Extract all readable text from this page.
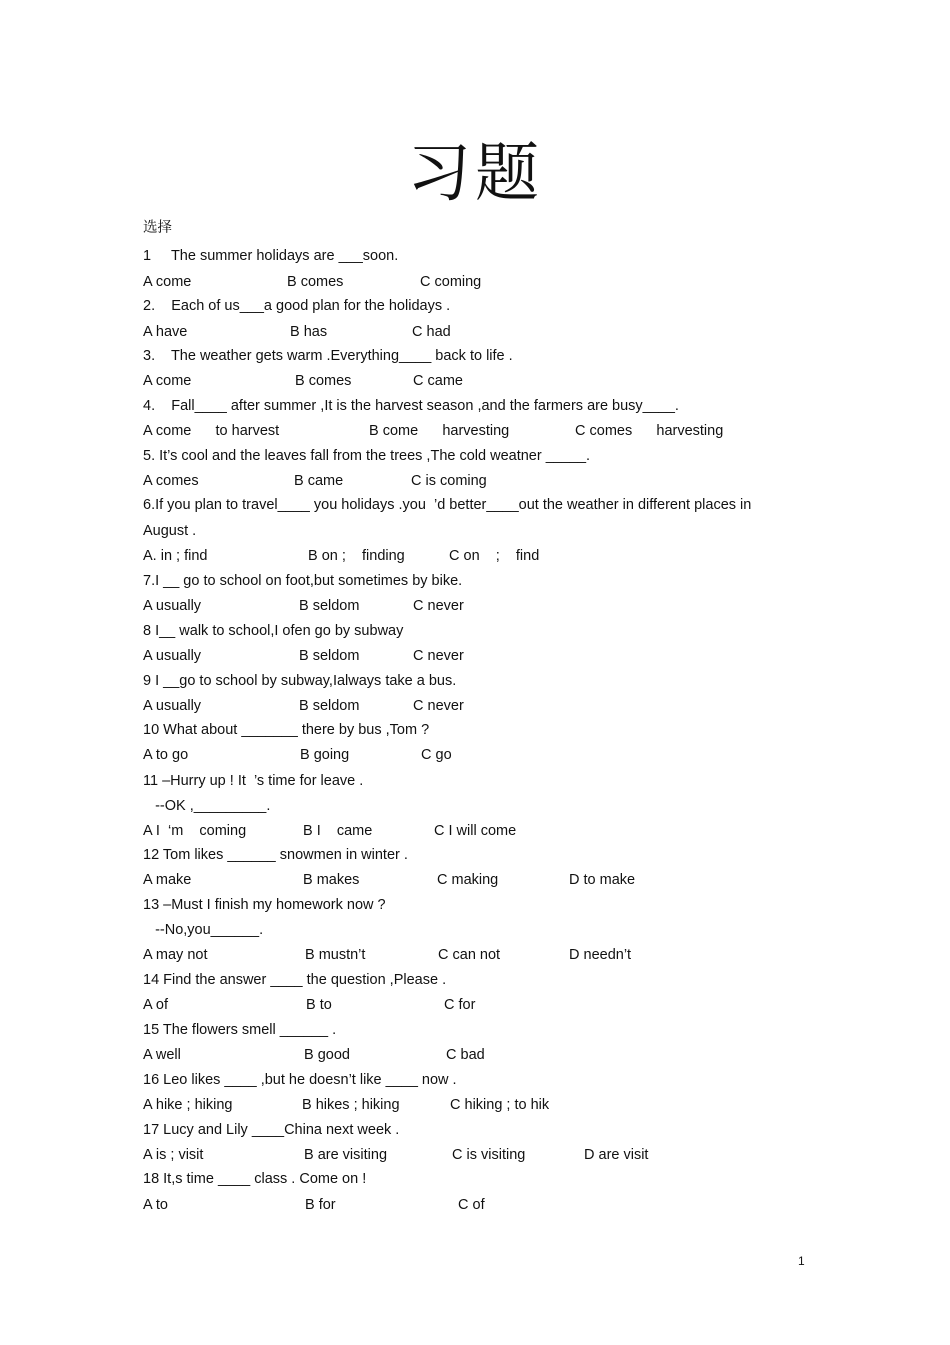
习题
选择
1     The summer holidays are ___soon.
A come	B comes	C coming
2.    Each of us___a good plan for the holidays .
A have	B has	C had
3.    The weather gets warm .Everything____ back to life .
A come	B comes	C came
4.    Fall____ after summer ,It is the harvest season ,and the farmers are busy____.
A come      to harvest	B come      harvesting	C comes      harvesting
5. It’s cool and the leaves fall from the trees ,The cold weatner _____.
A comes	B came	C is coming
6.If you plan to travel____ you holidays .you  ’d better____out the weather in different places in
August .
A. in ; find	B on ;    finding	C on    ;    find
7.I __ go to school on foot,but sometimes by bike.
A usually	B seldom	C never
8 I__ walk to school,I ofen go by subway
A usually	B seldom	C never
9 I __go to school by subway,Ialways take a bus.
A usually	B seldom	C never
10 What about _______ there by bus ,Tom ?
A to go	B going	C go
11 –Hurry up ! It  ’s time for leave .
--OK ,_________.
A I  ‘m    coming	B I    came	C I will come
12 Tom likes ______ snowmen in winter .
A make	B makes	C making	D to make
13 –Must I finish my homework now ?
--No,you______.
A may not	B mustn’t	C can not	D needn’t
14 Find the answer ____ the question ,Please .
A of	B to	C for
15 The flowers smell ______ .
A well	B good	C bad
16 Leo likes ____ ,but he doesn’t like ____ now .
A hike ; hiking	B hikes ; hiking	C hiking ; to hik
17 Lucy and Lily ____China next week .
A is ; visit	B are visiting	C is visiting	D are visit
18 It,s time ____ class . Come on !
A to	B for	C of
1
